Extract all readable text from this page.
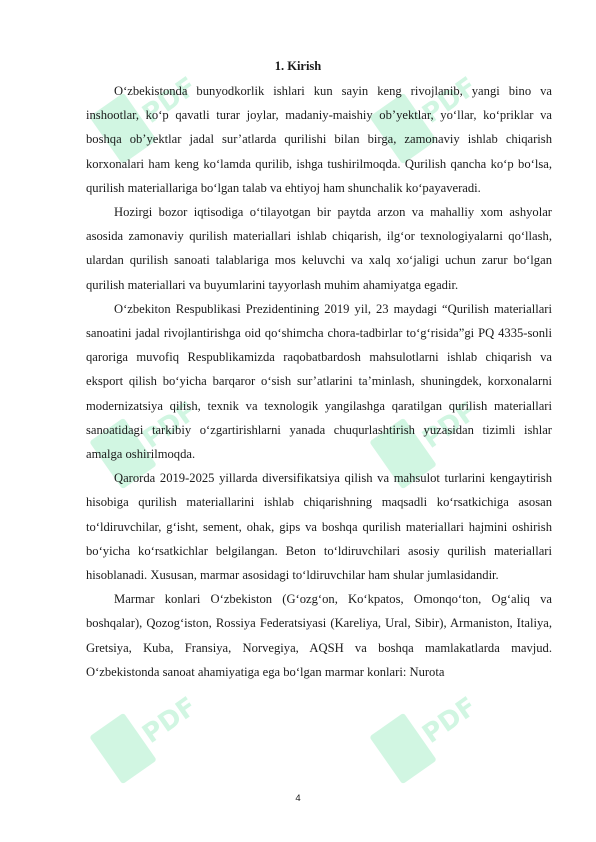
PDF	PDF
PDF	PDF
PDF	PDF
1. Kirish

O‘zbekistonda bunyodkorlik ishlari kun sayin keng rivojlanib, yangi bino va inshootlar, ko‘p qavatli turar joylar, madaniy-maishiy ob’yektlar, yo‘llar, ko‘priklar va boshqa ob’yektlar jadal sur’atlarda qurilishi bilan birga, zamonaviy ishlab chiqarish korxonalari ham keng ko‘lamda qurilib, ishga tushirilmoqda. Qurilish qancha ko‘p bo‘lsa, qurilish materiallariga bo‘lgan talab va ehtiyoj ham shunchalik ko‘payaveradi.

Hozirgi bozor iqtisodiga o‘tilayotgan bir paytda arzon va mahalliy xom ashyolar asosida zamonaviy qurilish materiallari ishlab chiqarish, ilg‘or texnologiyalarni qo‘llash, ulardan qurilish sanoati talablariga mos keluvchi va xalq xo‘jaligi uchun zarur bo‘lgan qurilish materiallari va buyumlarini tayyorlash muhim ahamiyatga egadir.

O‘zbekiton Respublikasi Prezidentining 2019 yil, 23 maydagi “Qurilish materiallari sanoatini jadal rivojlantirishga oid qo‘shimcha chora-tadbirlar to‘g‘risida”gi PQ 4335-sonli qaroriga muvofiq Respublikamizda raqobatbardosh mahsulotlarni ishlab chiqarish va eksport qilish bo‘yicha barqaror o‘sish sur’atlarini ta’minlash, shuningdek, korxonalarni modernizatsiya qilish, texnik va texnologik yangilashga qaratilgan qurilish materiallari sanoatidagi tarkibiy o‘zgartirishlarni yanada chuqurlashtirish yuzasidan tizimli ishlar amalga oshirilmoqda.

Qarorda 2019-2025 yillarda diversifikatsiya qilish va mahsulot turlarini kengaytirish hisobiga qurilish materiallarini ishlab chiqarishning maqsadli ko‘rsatkichiga asosan to‘ldiruvchilar, g‘isht, sement, ohak, gips va boshqa qurilish materiallari hajmini oshirish bo‘yicha ko‘rsatkichlar belgilangan. Beton to‘ldiruvchilari asosiy qurilish materiallari hisoblanadi. Xususan, marmar asosidagi to‘ldiruvchilar ham shular jumlasidandir.

Marmar konlari O‘zbekiston (G‘ozg‘on, Ko‘kpatos, Omonqo‘ton, Og‘aliq va boshqalar), Qozog‘iston, Rossiya Federatsiyasi (Kareliya, Ural, Sibir), Armaniston, Italiya, Gretsiya, Kuba, Fransiya, Norvegiya, AQSH va boshqa mamlakatlarda mavjud. O‘zbekistonda sanoat ahamiyatiga ega bo‘lgan marmar konlari: Nurota

4
